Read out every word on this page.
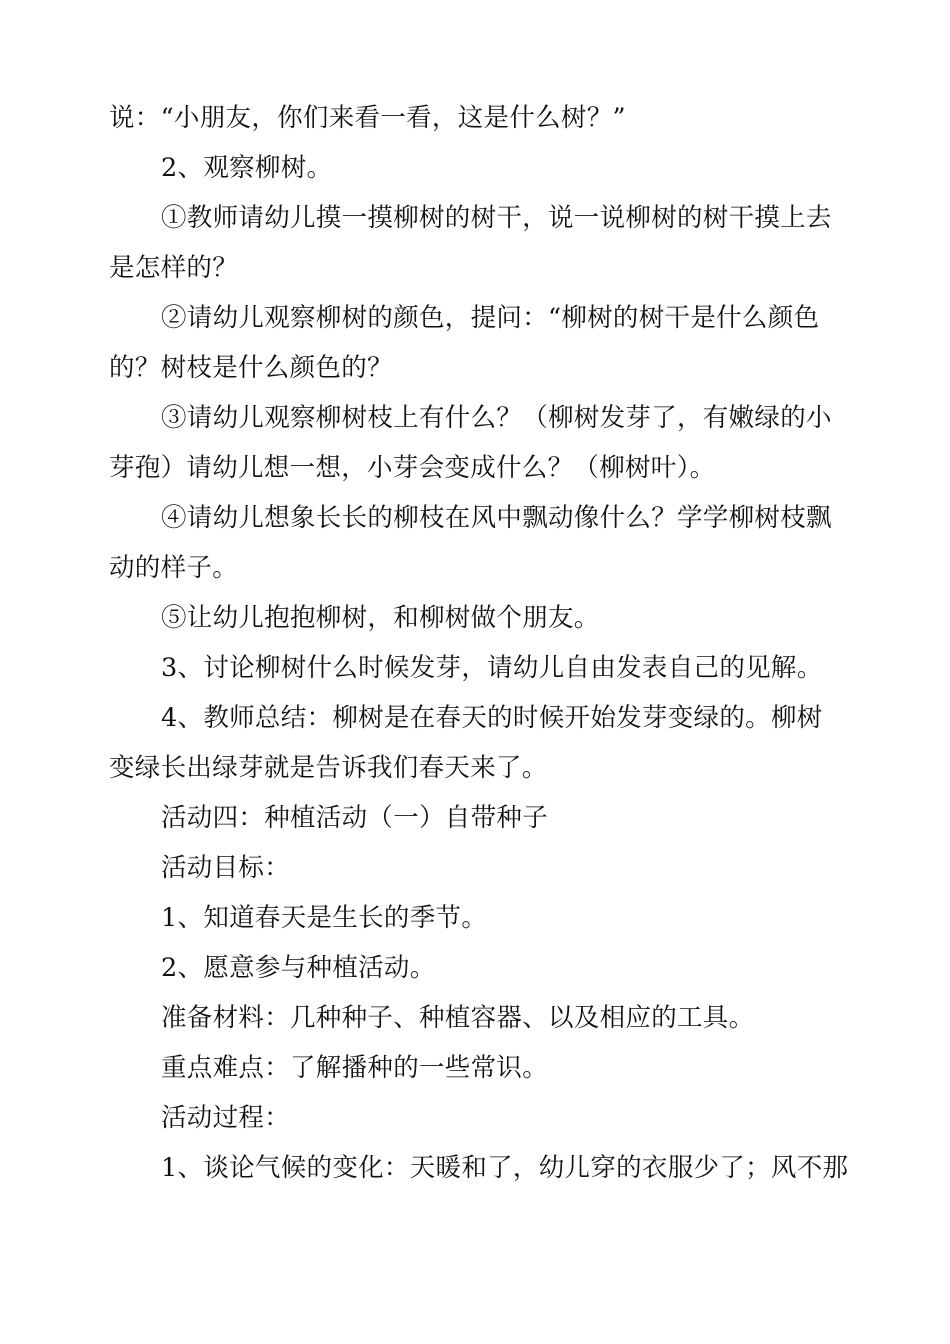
说：“小朋友，你们来看一看，这是什么树？”

2、观察柳树。

①教师请幼儿摸一摸柳树的树干，说一说柳树的树干摸上去是怎样的？

②请幼儿观察柳树的颜色，提问：“柳树的树干是什么颜色的？树枝是什么颜色的？

③请幼儿观察柳树枝上有什么？（柳树发芽了，有嫩绿的小芽孢）请幼儿想一想，小芽会变成什么？（柳树叶）。

④请幼儿想象长长的柳枝在风中飘动像什么？学学柳树枝飘动的样子。

⑤让幼儿抱抱柳树，和柳树做个朋友。

3、讨论柳树什么时候发芽，请幼儿自由发表自己的见解。

4、教师总结：柳树是在春天的时候开始发芽变绿的。柳树变绿长出绿芽就是告诉我们春天来了。

活动四：种植活动（一）自带种子

活动目标：

1、知道春天是生长的季节。

2、愿意参与种植活动。

准备材料：几种种子、种植容器、以及相应的工具。

重点难点：了解播种的一些常识。

活动过程：

1、谈论气候的变化：天暖和了，幼儿穿的衣服少了；风不那
